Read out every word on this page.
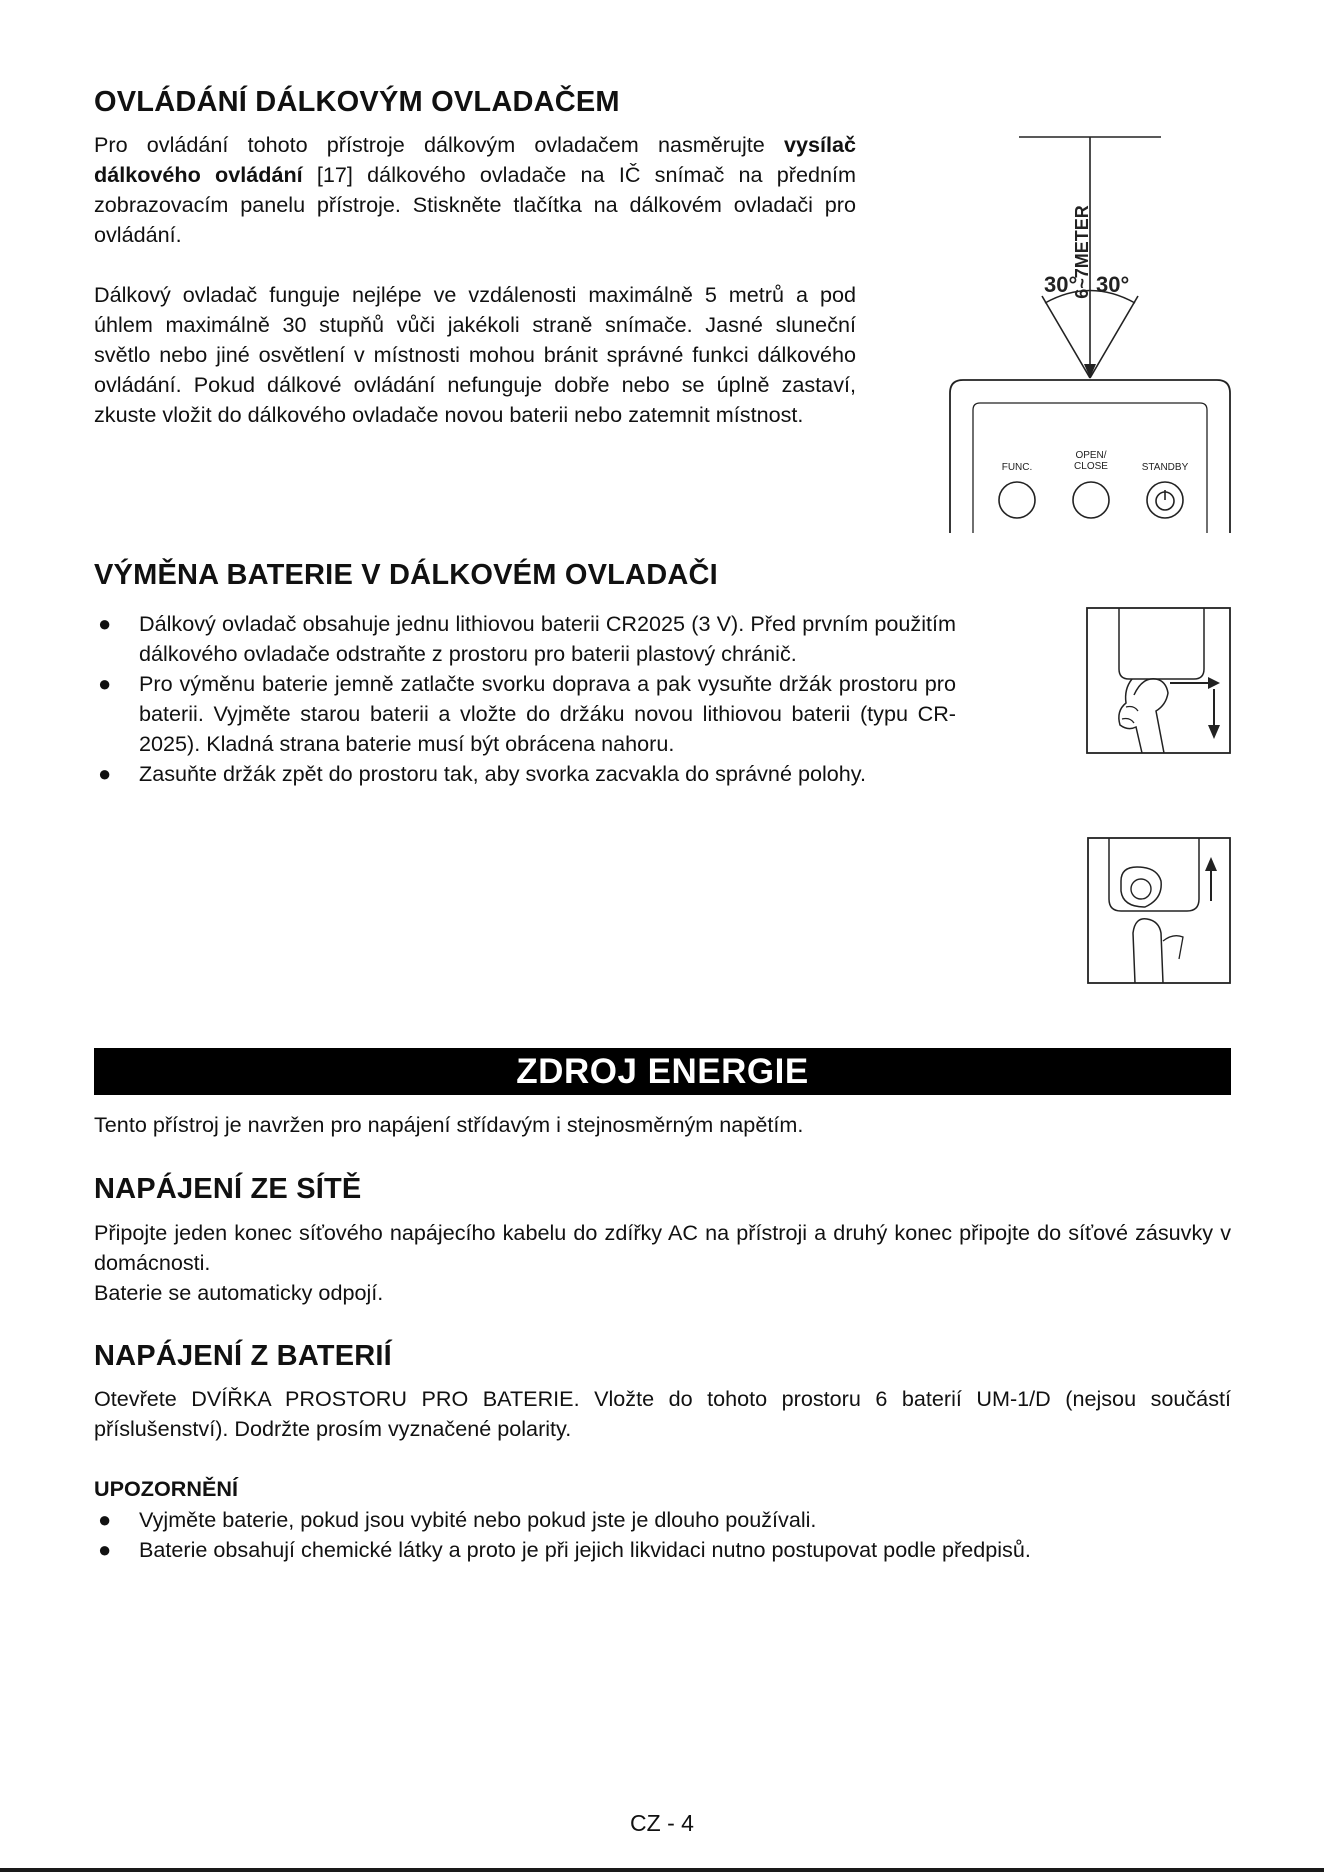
OVLÁDÁNÍ DÁLKOVÝM OVLADAČEM

Pro ovládání tohoto přístroje dálkovým ovladačem nasměrujte vysílač dálkového ovládání [17] dálkového ovladače na IČ snímač na předním zobrazovacím panelu přístroje. Stiskněte tlačítka na dálkovém ovladači pro ovládání.

Dálkový ovladač funguje nejlépe ve vzdálenosti maximálně 5 metrů a pod úhlem maximálně 30 stupňů vůči jakékoli straně snímače. Jasné sluneční světlo nebo jiné osvětlení v místnosti mohou bránit správné funkci dálkového ovládání. Pokud dálkové ovládání nefunguje dobře nebo se úplně zastaví, zkuste vložit do dálkového ovladače novou baterii nebo zatemnit místnost.

6~7METER
30° 30°
FUNC.
OPEN/
CLOSE	STANDBY
VÝMĚNA BATERIE V DÁLKOVÉM OVLADAČI
● Dálkový ovladač obsahuje jednu lithiovou baterii CR2025 (3 V). Před prvním použitím dálkového ovladače odstraňte z prostoru pro baterii plastový chránič.
● Pro výměnu baterie jemně zatlačte svorku doprava a pak vysuňte držák prostoru pro baterii. Vyjměte starou baterii a vložte do držáku novou lithiovou baterii (typu CR-2025). Kladná strana baterie musí být obrácena nahoru.
● Zasuňte držák zpět do prostoru tak, aby svorka zacvakla do správné polohy.
ZDROJ ENERGIE

Tento přístroj je navržen pro napájení střídavým i stejnosměrným napětím.

NAPÁJENÍ ZE SÍTĚ

Připojte jeden konec síťového napájecího kabelu do zdířky AC na přístroji a druhý konec připojte do síťové zásuvky v domácnosti.

Baterie se automaticky odpojí.

NAPÁJENÍ Z BATERIÍ

Otevřete DVÍŘKA PROSTORU PRO BATERIE. Vložte do tohoto prostoru 6 baterií UM-1/D (nejsou součástí příslušenství). Dodržte prosím vyznačené polarity.

UPOZORNĚNÍ
● Vyjměte baterie, pokud jsou vybité nebo pokud jste je dlouho používali.
● Baterie obsahují chemické látky a proto je při jejich likvidaci nutno postupovat podle předpisů.
CZ - 4
